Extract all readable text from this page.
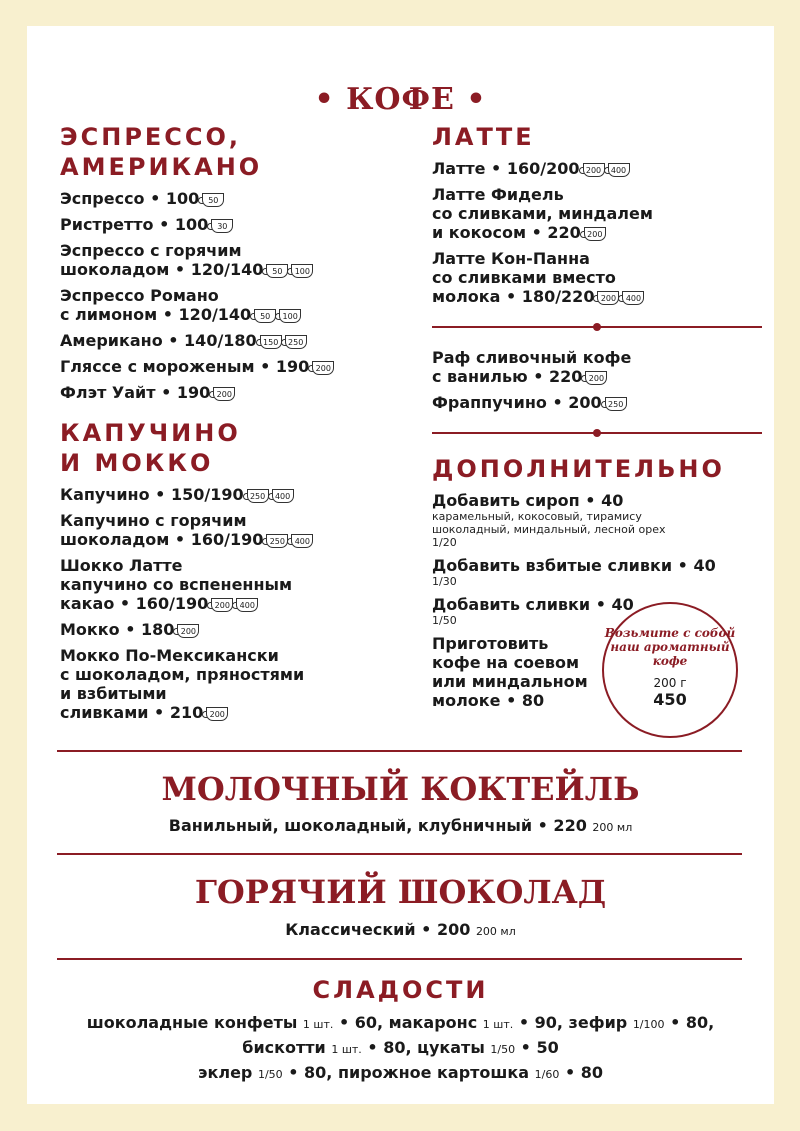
• КОФЕ •
ЭСПРЕССО,
АМЕРИКАНО
Эспрессо • 100 50
Ристретто • 100 30
Эспрессо с горячим
шоколадом • 120/140 50 100
Эспрессо Романо
с лимоном • 120/140 50 100
Американо • 140/180 150 250
Гляссе с мороженым • 190 200
Флэт Уайт • 190 200
КАПУЧИНО
И МОККО
Капучино • 150/190 250 400
Капучино с горячим
шоколадом • 160/190 250 400
Шокко Латте
капучино со вспененным
какао • 160/190 200 400
Мокко • 180 200
Мокко По-Мексикански
с шоколадом, пряностями
и взбитыми
сливками • 210 200
ЛАТТЕ
Латте • 160/200 200 400
Латте Фидель
со сливками, миндалем
и кокосом • 220 200
Латте Кон-Панна
со сливками вместо
молока • 180/220 200 400
Раф сливочный кофе
с ванилью • 220 200
Фраппучино • 200 250
ДОПОЛНИТЕЛЬНО
Добавить сироп • 40
карамельный, кокосовый, тирамису
шоколадный, миндальный, лесной орех
1/20
Добавить взбитые сливки • 40
1/30
Добавить сливки • 40
1/50
Приготовить
кофе на соевом
или миндальном
молоке • 80
Возьмите с собой
наш ароматный
кофе
200 г
450
МОЛОЧНЫЙ КОКТЕЙЛЬ
Ванильный, шоколадный, клубничный • 220 200 мл
ГОРЯЧИЙ ШОКОЛАД
Классический • 200 200 мл
СЛАДОСТИ
шоколадные конфеты 1 шт. • 60, макаронс 1 шт. • 90, зефир 1/100 • 80,
бискотти 1 шт. • 80, цукаты 1/50 • 50
эклер 1/50 • 80, пирожное картошка 1/60 • 80
